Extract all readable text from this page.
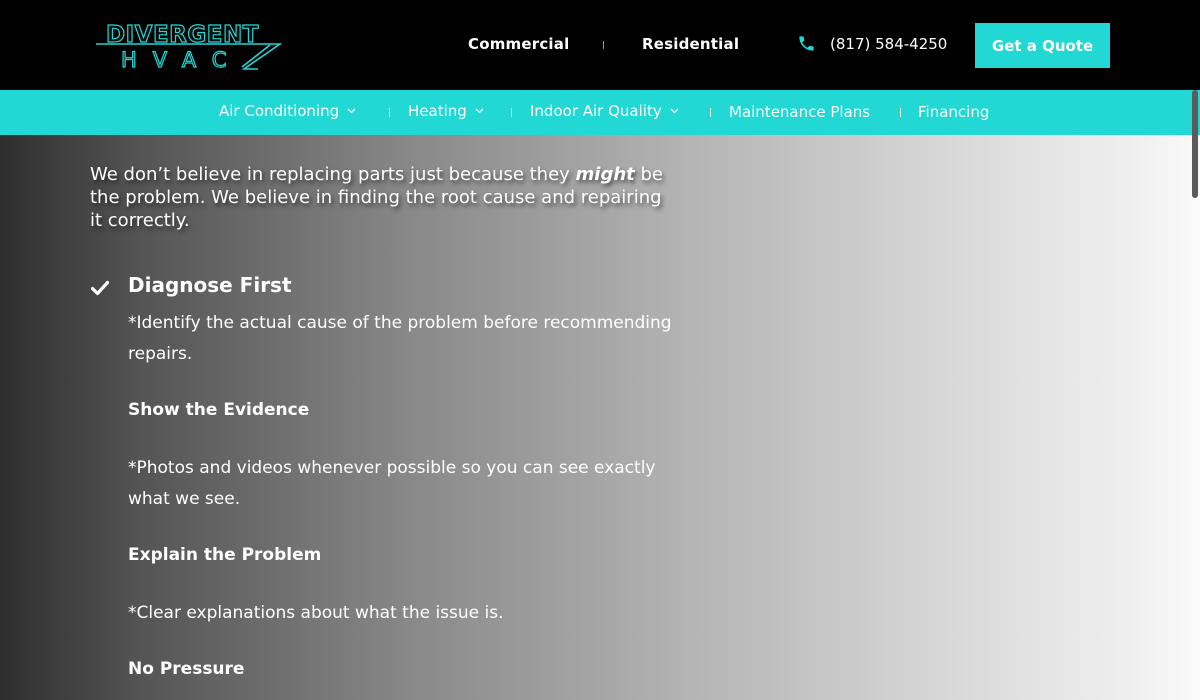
DIVERGENT
HVAC
Commercial	Residential	(817) 584-4250	Get a Quote
Air Conditioning	Heating	Indoor Air Quality	Maintenance Plans	Financing

We don’t believe in replacing parts just because they might be the problem. We believe in finding the root cause and repairing it correctly.

Diagnose First

*Identify the actual cause of the problem before recommending repairs.

Show the Evidence

*Photos and videos whenever possible so you can see exactly what we see.

Explain the Problem

*Clear explanations about what the issue is.

No Pressure
